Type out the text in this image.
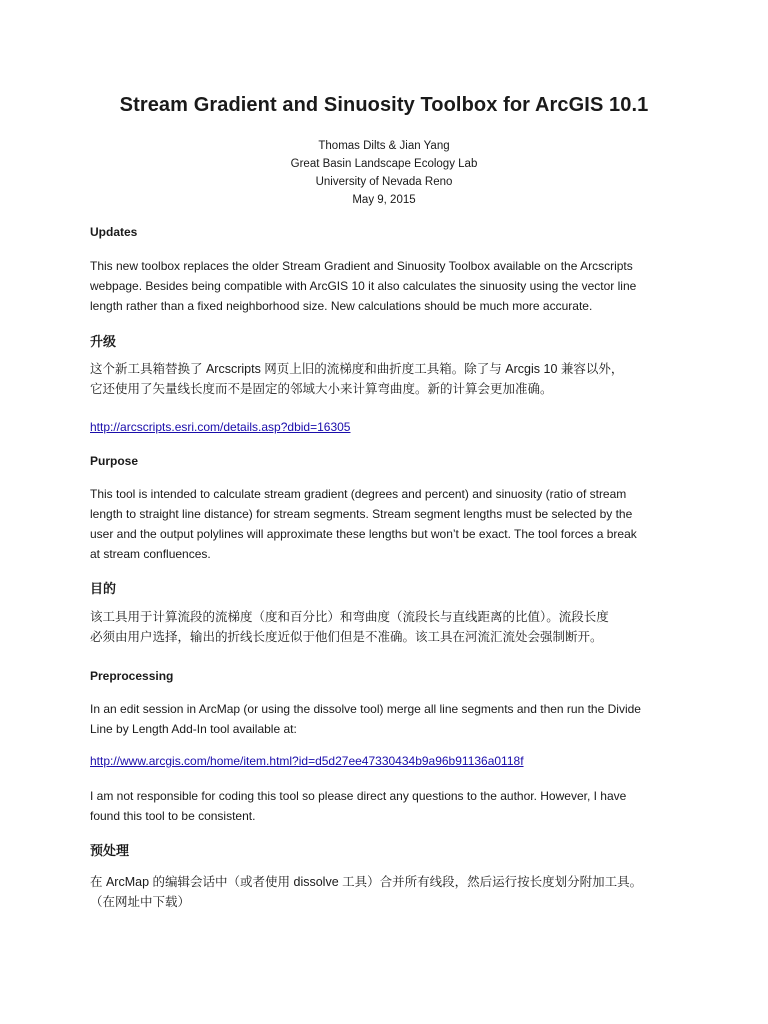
Stream Gradient and Sinuosity Toolbox for ArcGIS 10.1
Thomas Dilts & Jian Yang
Great Basin Landscape Ecology Lab
University of Nevada Reno
May 9, 2015
Updates
This new toolbox replaces the older Stream Gradient and Sinuosity Toolbox available on the Arcscripts
webpage. Besides being compatible with ArcGIS 10 it also calculates the sinuosity using the vector line
length rather than a fixed neighborhood size. New calculations should be much more accurate.
升级
这个新工具箱替换了 Arcscripts 网页上旧的流梯度和曲折度工具箱。除了与 Arcgis 10 兼容以外，
它还使用了矢量线长度而不是固定的邻域大小来计算弯曲度。新的计算会更加准确。
http://arcscripts.esri.com/details.asp?dbid=16305
Purpose
This tool is intended to calculate stream gradient (degrees and percent) and sinuosity (ratio of stream
length to straight line distance) for stream segments. Stream segment lengths must be selected by the
user and the output polylines will approximate these lengths but won’t be exact. The tool forces a break
at stream confluences.
目的
该工具用于计算流段的流梯度（度和百分比）和弯曲度（流段长与直线距离的比值）。流段长度
必须由用户选择，输出的折线长度近似于他们但是不准确。该工具在河流汇流处会强制断开。
Preprocessing
In an edit session in ArcMap (or using the dissolve tool) merge all line segments and then run the Divide
Line by Length Add-In tool available at:
http://www.arcgis.com/home/item.html?id=d5d27ee47330434b9a96b91136a0118f
I am not responsible for coding this tool so please direct any questions to the author. However, I have
found this tool to be consistent.
预处理
在 ArcMap 的编辑会话中（或者使用 dissolve 工具）合并所有线段，然后运行按长度划分附加工具。
（在网址中下载）
